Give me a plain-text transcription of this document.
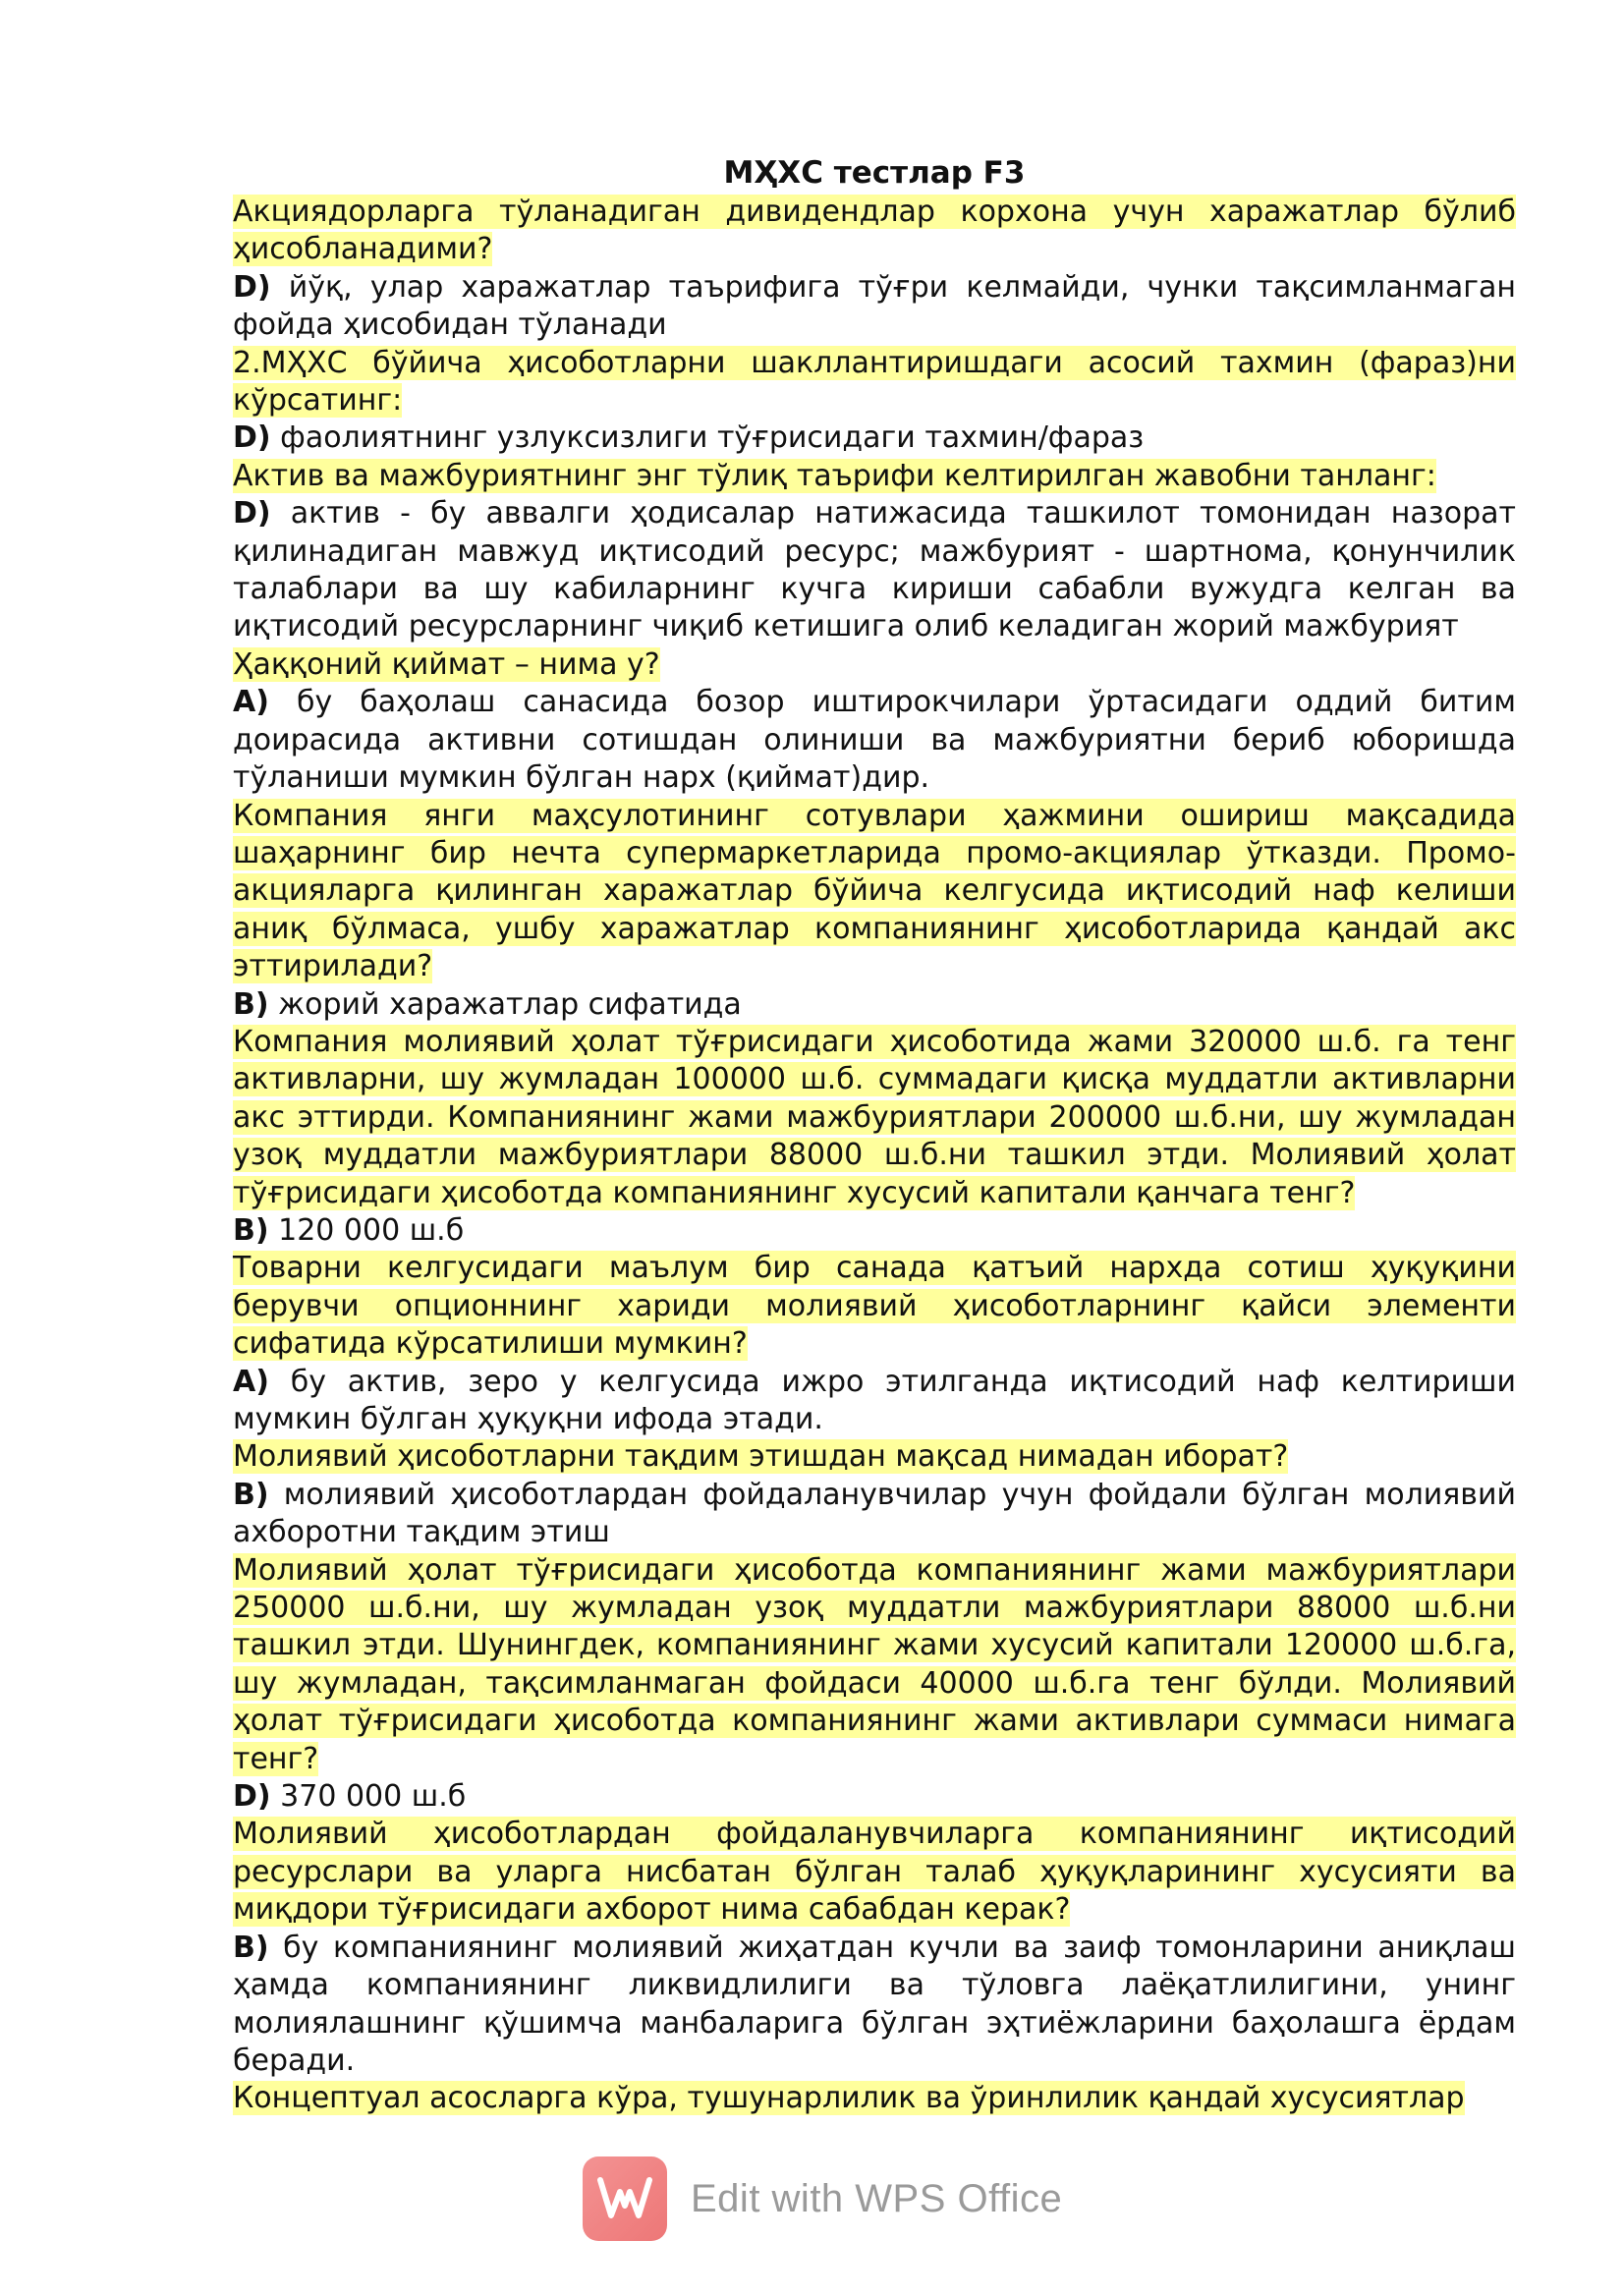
МҲХС тестлар F3

Акциядорларга тўланадиган дивидендлар корхона учун харажатлар бўлиб ҳисобланадими?

D) йўқ, улар харажатлар таърифига тўғри келмайди, чунки тақсимланмаган фойда ҳисобидан тўланади

2.МҲХС бўйича ҳисоботларни шакллантиришдаги асосий тахмин (фараз)ни кўрсатинг:

D) фаолиятнинг узлуксизлиги тўғрисидаги тахмин/фараз

Актив ва мажбуриятнинг энг тўлиқ таърифи келтирилган жавобни танланг:

D) актив - бу аввалги ҳодисалар натижасида ташкилот томонидан назорат қилинадиган мавжуд иқтисодий ресурс; мажбурият - шартнома, қонунчилик талаблари ва шу кабиларнинг кучга кириши сабабли вужудга келган ва иқтисодий ресурсларнинг чиқиб кетишига олиб келадиган жорий мажбурият

Ҳаққоний қиймат – нима у?

A) бу баҳолаш санасида бозор иштирокчилари ўртасидаги оддий битим доирасида активни сотишдан олиниши ва мажбуриятни бериб юборишда тўланиши мумкин бўлган нарх (қиймат)дир.

Компания янги маҳсулотининг сотувлари ҳажмини ошириш мақсадида шаҳарнинг бир нечта супермаркетларида промо-акциялар ўтказди. Промо-акцияларга қилинган харажатлар бўйича келгусида иқтисодий наф келиши аниқ бўлмаса, ушбу харажатлар компаниянинг ҳисоботларида қандай акс эттирилади?

B) жорий харажатлар сифатида

Компания молиявий ҳолат тўғрисидаги ҳисоботида жами 320000 ш.б. га тенг активларни, шу жумладан 100000 ш.б. суммадаги қисқа муддатли активларни акс эттирди. Компаниянинг жами мажбуриятлари 200000 ш.б.ни, шу жумладан узоқ муддатли мажбуриятлари 88000 ш.б.ни ташкил этди. Молиявий ҳолат тўғрисидаги ҳисоботда компаниянинг хусусий капитали қанчага тенг?

B) 120 000 ш.б

Товарни келгусидаги маълум бир санада қатъий нархда сотиш ҳуқуқини берувчи опционнинг хариди молиявий ҳисоботларнинг қайси элементи сифатида кўрсатилиши мумкин?

A) бу актив, зеро у келгусида ижро этилганда иқтисодий наф келтириши мумкин бўлган ҳуқуқни ифода этади.

Молиявий ҳисоботларни тақдим этишдан мақсад нимадан иборат?

B) молиявий ҳисоботлардан фойдаланувчилар учун фойдали бўлган молиявий ахборотни тақдим этиш

Молиявий ҳолат тўғрисидаги ҳисоботда компаниянинг жами мажбуриятлари 250000 ш.б.ни, шу жумладан узоқ муддатли мажбуриятлари 88000 ш.б.ни ташкил этди. Шунингдек, компаниянинг жами хусусий капитали 120000 ш.б.га, шу жумладан, тақсимланмаган фойдаси 40000 ш.б.га тенг бўлди. Молиявий ҳолат тўғрисидаги ҳисоботда компаниянинг жами активлари суммаси нимага тенг?

D) 370 000 ш.б

Молиявий ҳисоботлардан фойдаланувчиларга компаниянинг иқтисодий ресурслари ва уларга нисбатан бўлган талаб ҳуқуқларининг хусусияти ва миқдори тўғрисидаги ахборот нима сабабдан керак?

B) бу компаниянинг молиявий жиҳатдан кучли ва заиф томонларини аниқлаш ҳамда компаниянинг ликвидлилиги ва тўловга лаёқатлилигини, унинг молиялашнинг қўшимча манбаларига бўлган эҳтиёжларини баҳолашга ёрдам беради.

Концептуал асосларга кўра, тушунарлилик ва ўринлилик қандай хусусиятлар

Edit with WPS Office
